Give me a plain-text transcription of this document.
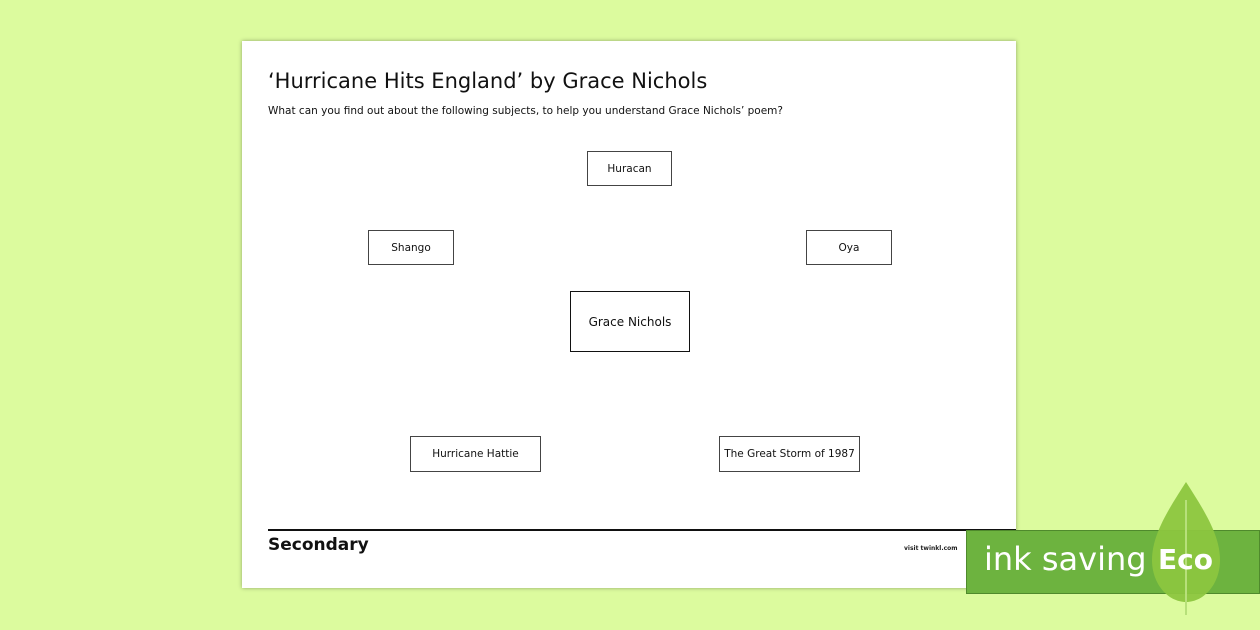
‘Hurricane Hits England’ by Grace Nichols
What can you find out about the following subjects, to help you understand Grace Nichols’ poem?
Huracan
Shango	Oya
Grace Nichols
Hurricane Hattie	The Great Storm of 1987
Secondary	visit twinkl.com ink saving Eco
